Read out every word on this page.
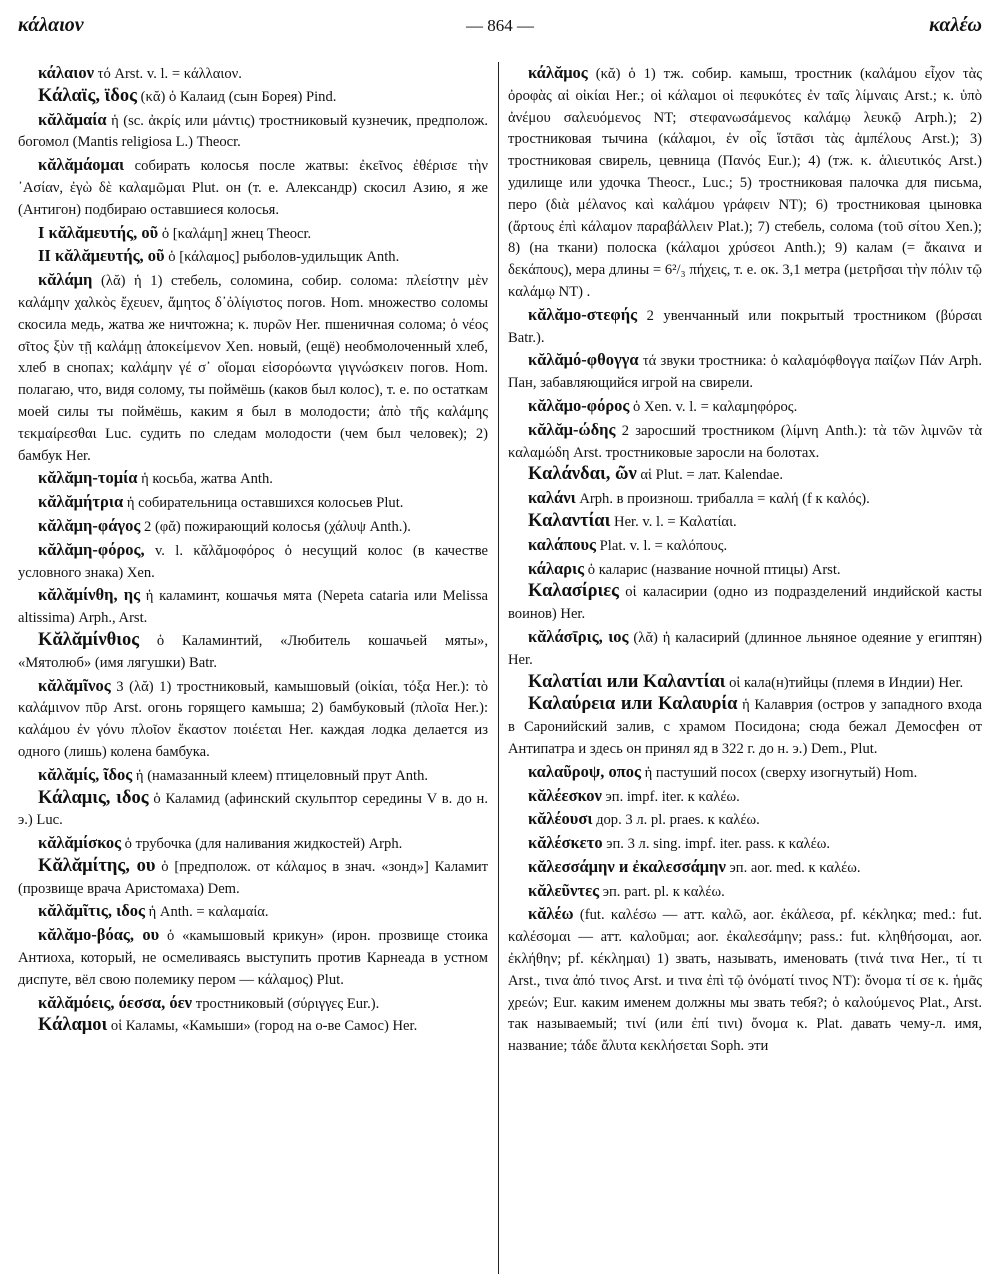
κάλαιον	— 864 —	καλέω

κάλαιον τό Arst. v. l. = κάλλαιον.

Κάλαϊς, ϊδος (κᾰ) ὁ Калаид (сын Борея) Pind.

κᾰλᾰμαία ἡ (sc. ἀκρίς или μάντις) тростниковый кузнечик, предполож. богомол (Mantis religiosa L.) Theocr.

κᾰλᾰμάομαι собирать колосья после жатвы: ἐκεῖνος ἐθέρισε τὴν ᾿Ασίαν, ἐγὼ δὲ καλαμῶμαι Plut. он (т. е. Александр) скосил Азию, я же (Антигон) подбираю оставшиеся колосья.

I κᾰλᾰμευτής, οῦ ὁ [καλάμη] жнец Theocr.

II κᾰλᾰμευτής, οῦ ὁ [κάλαμος] рыболов-удильщик Anth.

κᾰλάμη (λᾰ) ἡ 1) стебель, соломина, собир. солома: πλείστην μὲν καλάμην χαλκὸς ἔχευεν, ἄμητος δ᾿ὀλίγιστος погов. Hom. множество соломы скосила медь, жатва же ничтожна; κ. πυρῶν Her. пшеничная солома; ὁ νέος σῖτος ξὺν τῇ καλάμῃ ἀποκείμενον Xen. новый, (ещё) необмолоченный хлеб, хлеб в снопах; καλάμην γέ σ᾿ οἴομαι εἰσορόωντα γιγνώσκειν погов. Hom. полагаю, что, видя солому, ты поймёшь (каков был колос), т. е. по остаткам моей силы ты поймёшь, каким я был в молодости; ἀπὸ τῆς καλάμης τεκμαίρεσθαι Luc. судить по следам молодости (чем был человек); 2) бамбук Her.

κᾰλᾰμη-τομία ἡ косьба, жатва Anth.

κᾰλᾰμήτρια ἡ собирательница оставшихся колосьев Plut.

κᾰλᾰμη-φάγος 2 (φᾰ) пожирающий колосья (χάλυψ Anth.).

κᾰλᾰμη-φόρος, v. l. κᾰλᾰμοφόρος ὁ несущий колос (в качестве условного знака) Xen.

κᾰλᾰμίνθη, ης ἡ каламинт, кошачья мята (Nepeta catariа или Melissa altissima) Arph., Arst.

Κᾰλᾰμίνθιος ὁ Каламинтий, «Любитель кошачьей мяты», «Мятолюб» (имя лягушки) Batr.

κᾰλᾰμῖνος 3 (λᾰ) 1) тростниковый, камышовый (οἰκίαι, τόξα Her.): τὸ καλάμινον πῦρ Arst. огонь горящего камыша; 2) бамбуковый (πλοῖα Her.): καλάμου ἐν γόνυ πλοῖον ἕκαστον ποιέεται Her. каждая лодка делается из одного (лишь) колена бамбука.

κᾰλᾰμίς, ῖδος ἡ (намазанный клеем) птицеловный прут Anth.

Κάλαμις, ιδος ὁ Каламид (афинский скульптор середины V в. до н. э.) Luc.

κᾰλᾰμίσκος ὁ трубочка (для наливания жидкостей) Arph.

Κᾰλᾰμίτης, ου ὁ [предполож. от κάλαμος в знач. «зонд»] Каламит (прозвище врача Аристомаха) Dem.

κᾰλᾰμῖτις, ιδος ἡ Anth. = καλαμαία.

κᾰλᾰμο-βόας, ου ὁ «камышовый крикун» (ирон. прозвище стоика Антиоха, который, не осмеливаясь выступить против Карнеада в устном диспуте, вёл свою полемику пером — κάλαμος) Plut.

κᾰλᾰμόεις, όεσσα, όεν тростниковый (σύριγγες Eur.).

Κάλαμοι οἱ Каламы, «Камыши» (город на о-ве Самос) Her.

κάλᾰμος (κᾰ) ὁ 1) тж. собир. камыш, тростник (καλάμου εἶχον τὰς ὀροφὰς αἱ οἰκίαι Her.; οἱ κάλαμοι οἱ πεφυκότες ἐν ταῖς λίμναις Arst.; κ. ὑπὸ ἀνέμου σαλευόμενος NT; στεφανωσάμενος καλάμῳ λευκῷ Arph.); 2) тростниковая тычина (κάλαμοι, ἐν οἷς ἵστᾱσι τὰς ἀμπέλους Arst.); 3) тростниковая свирель, цевница (Πανός Eur.); 4) (тж. κ. ἁλιευτικός Arst.) удилище или удочка Theocr., Luc.; 5) тростниковая палочка для письма, перо (διὰ μέλανος καὶ καλάμου γράφειν NT); 6) тростниковая цыновка (ἄρτους ἐπὶ κάλαμον παραβάλλειν Plat.); 7) стебель, солома (τοῦ σίτου Xen.); 8) (на ткани) полоска (κάλαμοι χρύσεοι Anth.); 9) калам (= ἄκαινα и δεκάπους), мера длины = 6²/₃ πήχεις, т. е. ок. 3,1 метра (μετρῆσαι τὴν πόλιν τῷ καλάμῳ NT) .

κᾰλᾰμο-στεφής 2 увенчанный или покрытый тростником (βύρσαι Batr.).

κᾰλᾰμό-φθογγα τά звуки тростника: ὁ καλαμόφθογγα παίζων Πάν Arph. Пан, забавляющийся игрой на свирели.

κᾰλᾰμο-φόρος ὁ Xen. v. l. = καλαμηφόρος.

κᾰλᾰμ-ώδης 2 заросший тростником (λίμνη Anth.): τὰ τῶν λιμνῶν τὰ καλαμώδη Arst. тростниковые заросли на болотах.

Καλάνδαι, ῶν αἱ Plut. = лат. Kalendae.

καλάνι Arph. в произнош. трибалла = καλή (f к καλός).

Καλαντίαι Her. v. l. = Καλατίαι.

καλάπους Plat. v. l. = καλόπους.

κάλαρις ὁ каларис (название ночной птицы) Arst.

Καλασίριες οἱ каласирии (одно из подразделений индийской касты воинов) Her.

κᾰλάσῑρις, ιος (λᾰ) ἡ каласирий (длинное льняное одеяние у египтян) Her.

Καλατίαι или Καλαντίαι οἱ кала(н)тийцы (племя в Индии) Her.

Καλαύρεια или Καλαυρία ἡ Калаврия (остров у западного входа в Саронийский залив, с храмом Посидона; сюда бежал Демосфен от Антипатра и здесь он принял яд в 322 г. до н. э.) Dem., Plut.

καλαῦροψ, οπος ἡ пастуший посох (сверху изогнутый) Hom.

κᾰλέεσκον эп. impf. iter. к καλέω.

κᾰλέουσι дор. 3 л. pl. praes. к καλέω.

κᾰλέσκετο эп. 3 л. sing. impf. iter. pass. к καλέω.

κᾰλεσσάμην и ἐκαλεσσάμην эп. aor. med. к καλέω.

κᾰλεῦντες эп. part. pl. к καλέω.

κᾰλέω (fut. καλέσω — атт. καλῶ, aor. ἐκάλεσα, pf. κέκληκα; med.: fut. καλέσομαι — атт. καλοῦμαι; aor. ἐκαλεσάμην; pass.: fut. κληθήσομαι, aor. ἐκλήθην; pf. κέκλημαι) 1) звать, называть, именовать (τινά τινα Her., τί τι Arst., τινα ἀπό τινος Arst. и τινα ἐπὶ τῷ ὀνόματί τινος NT): ὄνομα τί σε κ. ἡμᾶς χρεών; Eur. каким именем должны мы звать тебя?; ὁ καλούμενος Plat., Arst. так называемый; τινί (или ἐπί τινι) ὄνομα κ. Plat. давать чему-л. имя, название; τάδε ἄλυτα κεκλήσεται Soph. эти
